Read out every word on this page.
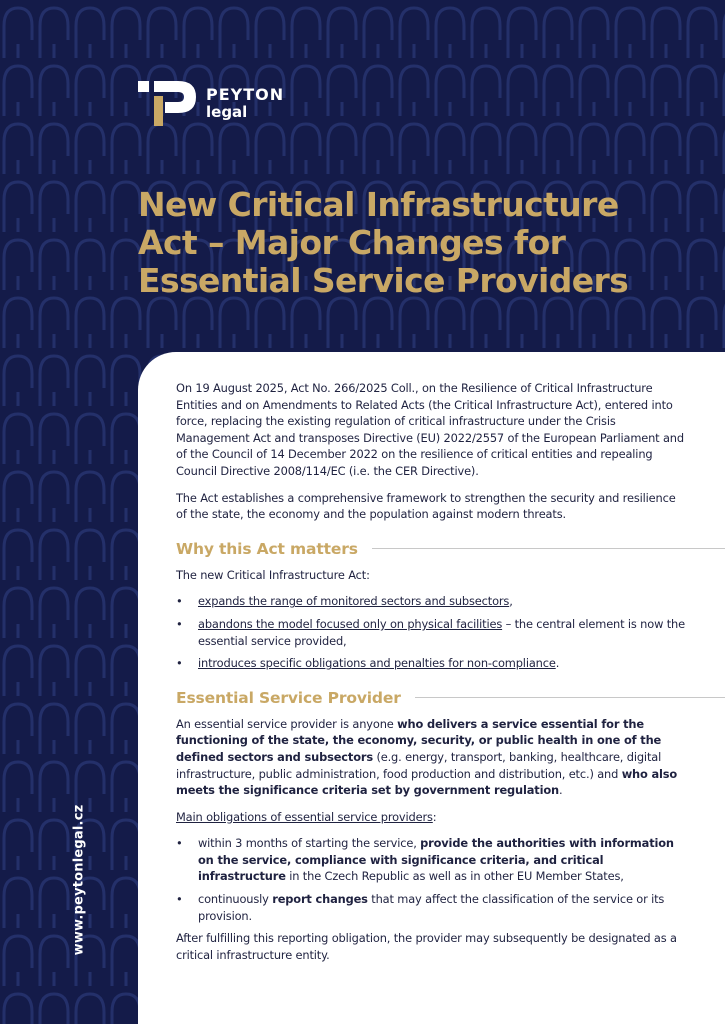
PEYTON
legal
New Critical Infrastructure
Act – Major Changes for
Essential Service Providers
www.peytonlegal.cz

On 19 August 2025, Act No. 266/2025 Coll., on the Resilience of Critical Infrastructure Entities and on Amendments to Related Acts (the Critical Infrastructure Act), entered into force, replacing the existing regulation of critical infrastructure under the Crisis Management Act and transposes Directive (EU) 2022/2557 of the European Parliament and of the Council of 14 December 2022 on the resilience of critical entities and repealing Council Directive 2008/114/EC (i.e. the CER Directive).

The Act establishes a comprehensive framework to strengthen the security and resilience of the state, the economy and the population against modern threats.

Why this Act matters

The new Critical Infrastructure Act:

• expands the range of monitored sectors and subsectors,
• abandons the model focused only on physical facilities – the central element is now the essential service provided,
• introduces specific obligations and penalties for non-compliance.
Essential Service Provider

An essential service provider is anyone who delivers a service essential for the functioning of the state, the economy, security, or public health in one of the defined sectors and subsectors (e.g. energy, transport, banking, healthcare, digital infrastructure, public administration, food production and distribution, etc.) and who also meets the significance criteria set by government regulation.

Main obligations of essential service providers:

• within 3 months of starting the service, provide the authorities with information on the service, compliance with significance criteria, and critical infrastructure in the Czech Republic as well as in other EU Member States,
• continuously report changes that may affect the classification of the service or its provision.

After fulfilling this reporting obligation, the provider may subsequently be designated as a critical infrastructure entity.
